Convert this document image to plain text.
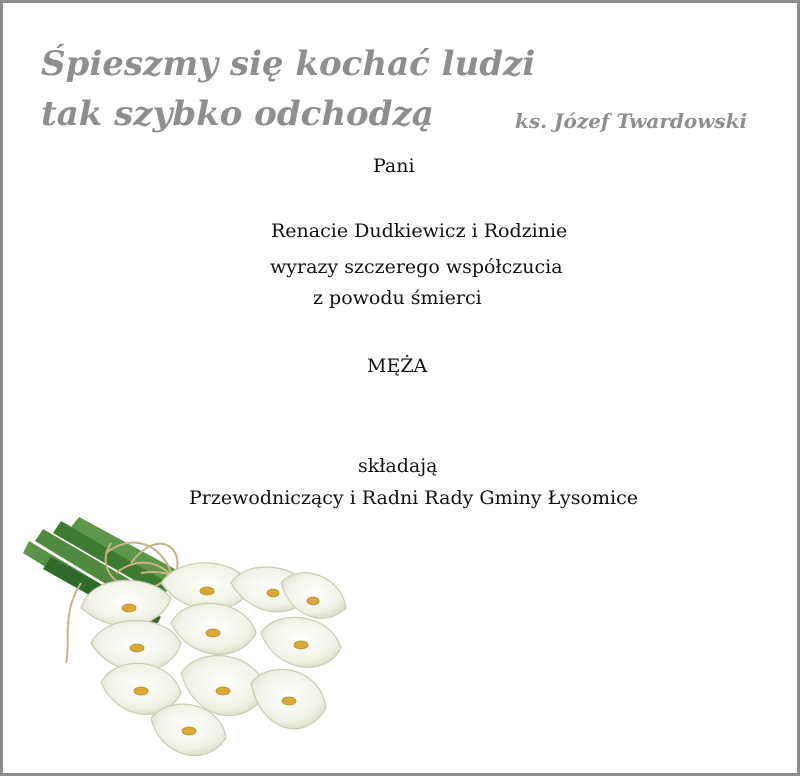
Śpieszmy się kochać ludzi
tak szybko odchodzą	ks. Józef Twardowski
Pani
Renacie Dudkiewicz i Rodzinie
wyrazy szczerego współczucia
z powodu śmierci
MĘŻA
składają
Przewodniczący i Radni Rady Gminy Łysomice
